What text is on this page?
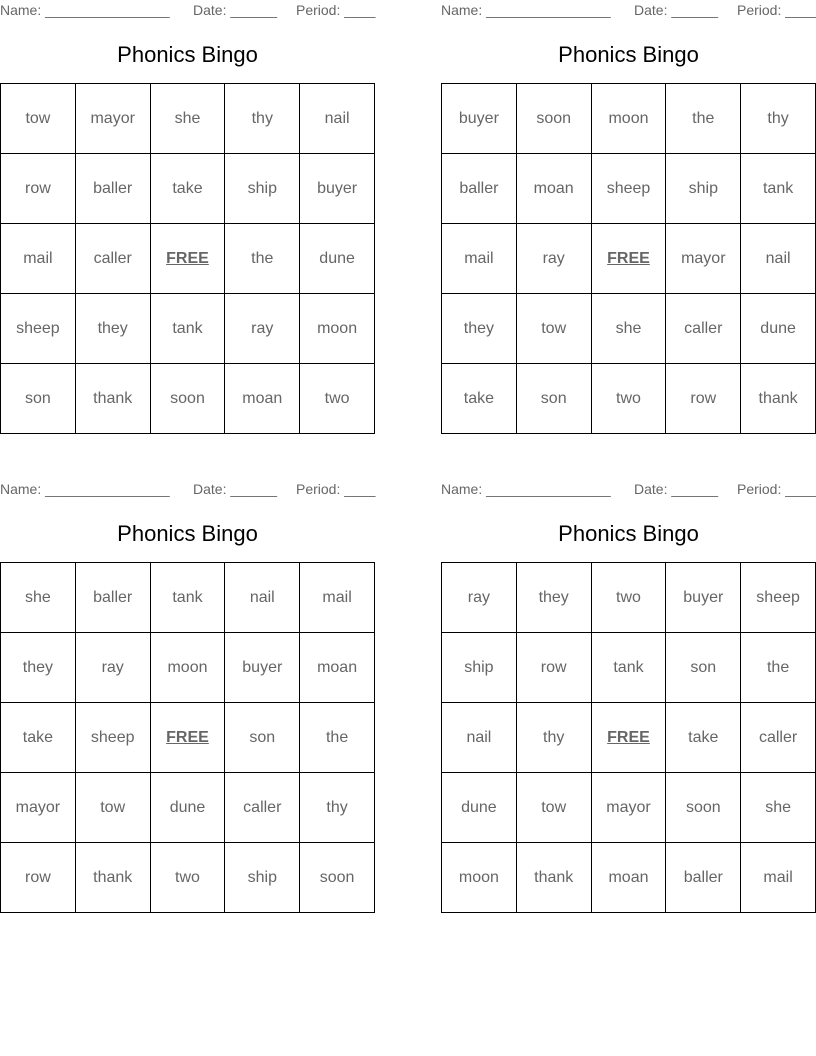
Name: ________________ Date: ______ Period: ____
Phonics Bingo
tow	mayor	she	thy	nail
row	baller	take	ship	buyer
mail	caller	FREE	the	dune
sheep	they	tank	ray	moon
son	thank	soon	moan	two
Name: ________________ Date: ______ Period: ____
Phonics Bingo
buyer	soon	moon	the	thy
baller	moan	sheep	ship	tank
mail	ray	FREE	mayor	nail
they	tow	she	caller	dune
take	son	two	row	thank
Name: ________________ Date: ______ Period: ____
Phonics Bingo
she	baller	tank	nail	mail
they	ray	moon	buyer	moan
take	sheep	FREE	son	the
mayor	tow	dune	caller	thy
row	thank	two	ship	soon
Name: ________________ Date: ______ Period: ____
Phonics Bingo
ray	they	two	buyer	sheep
ship	row	tank	son	the
nail	thy	FREE	take	caller
dune	tow	mayor	soon	she
moon	thank	moan	baller	mail
